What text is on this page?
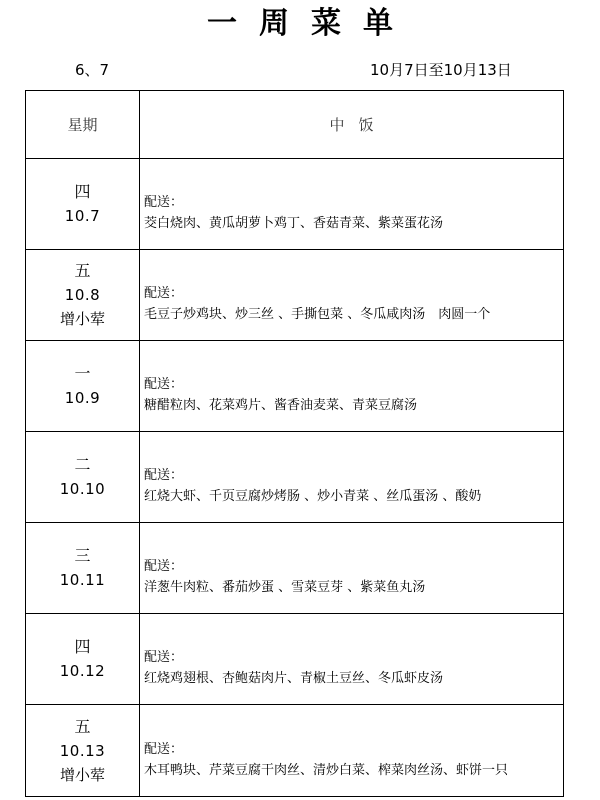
一周菜单
6、7	10月7日至10月13日
星期	中饭

四
10.7	配送：
茭白烧肉、黄瓜胡萝卜鸡丁、香菇青菜、紫菜蛋花汤

五
10.8
增小荤	配送：
毛豆子炒鸡块、炒三丝 、手撕包菜 、冬瓜咸肉汤　肉圆一个

一
10.9	配送：
糖醋粒肉、花菜鸡片、酱香油麦菜、青菜豆腐汤

二
10.10	配送：
红烧大虾、千页豆腐炒烤肠 、炒小青菜 、丝瓜蛋汤 、酸奶

三
10.11	配送：
洋葱牛肉粒、番茄炒蛋 、雪菜豆芽 、紫菜鱼丸汤

四
10.12	配送：
红烧鸡翅根、杏鲍菇肉片、青椒土豆丝、冬瓜虾皮汤

五
10.13
增小荤	配送：
木耳鸭块、芹菜豆腐干肉丝、清炒白菜、榨菜肉丝汤、虾饼一只
